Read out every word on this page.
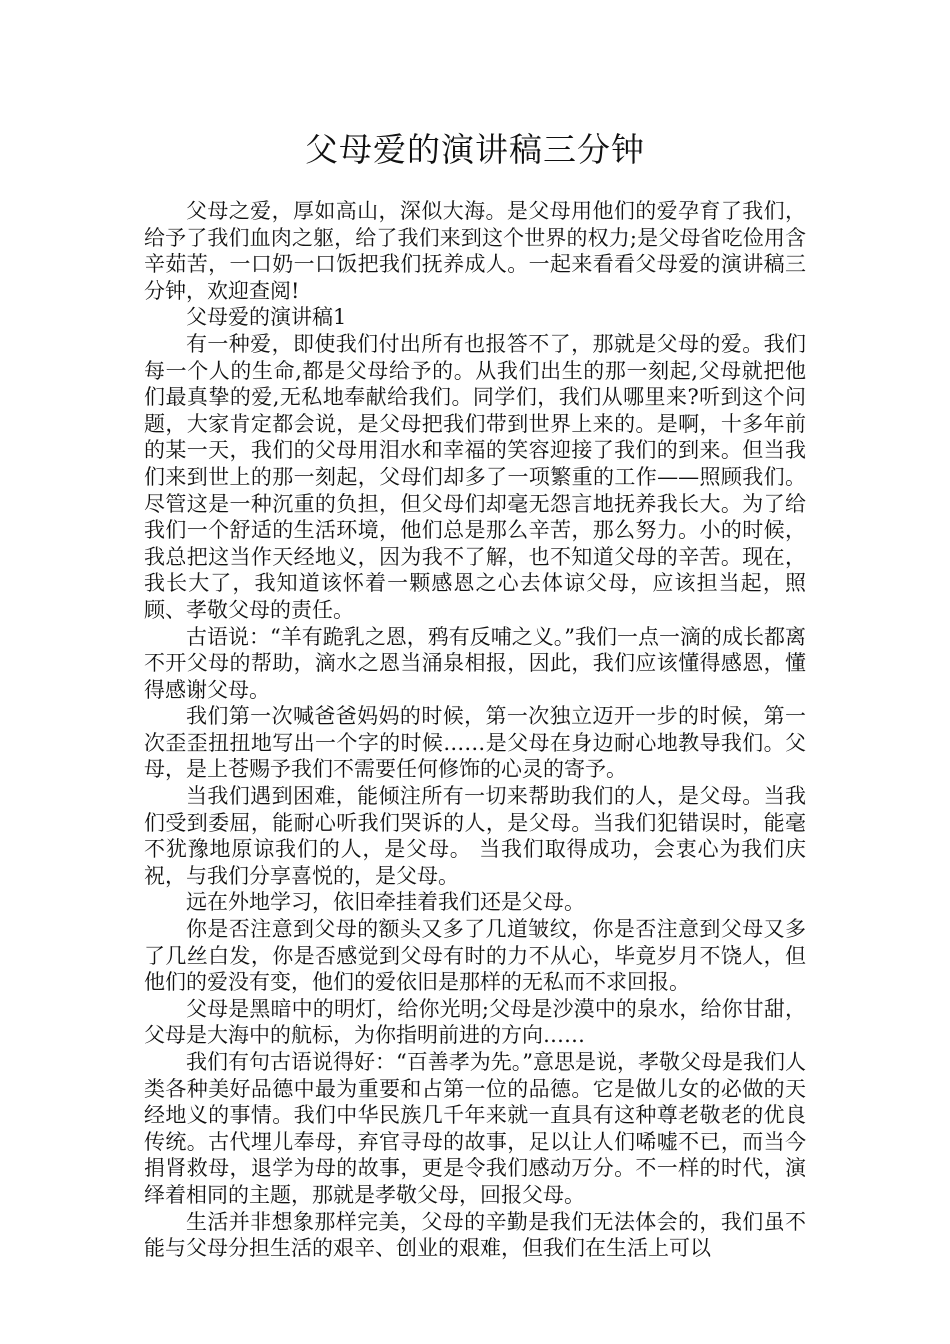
父母爱的演讲稿三分钟

父母之爱，厚如高山，深似大海。是父母用他们的爱孕育了我们，给予了我们血肉之躯，给了我们来到这个世界的权力;是父母省吃俭用含辛茹苦，一口奶一口饭把我们抚养成人。一起来看看父母爱的演讲稿三分钟，欢迎查阅!

父母爱的演讲稿1

有一种爱，即使我们付出所有也报答不了，那就是父母的爱。我们每一个人的生命,都是父母给予的。从我们出生的那一刻起,父母就把他们最真挚的爱,无私地奉献给我们。同学们，我们从哪里来?听到这个问题，大家肯定都会说，是父母把我们带到世界上来的。是啊，十多年前的某一天，我们的父母用泪水和幸福的笑容迎接了我们的到来。但当我们来到世上的那一刻起，父母们却多了一项繁重的工作——照顾我们。尽管这是一种沉重的负担，但父母们却毫无怨言地抚养我长大。为了给我们一个舒适的生活环境，他们总是那么辛苦，那么努力。小的时候，我总把这当作天经地义，因为我不了解，也不知道父母的辛苦。现在，我长大了，我知道该怀着一颗感恩之心去体谅父母，应该担当起，照顾、孝敬父母的责任。

古语说：“羊有跪乳之恩，鸦有反哺之义。”我们一点一滴的成长都离不开父母的帮助，滴水之恩当涌泉相报，因此，我们应该懂得感恩，懂得感谢父母。

我们第一次喊爸爸妈妈的时候，第一次独立迈开一步的时候，第一次歪歪扭扭地写出一个字的时候……是父母在身边耐心地教导我们。父母，是上苍赐予我们不需要任何修饰的心灵的寄予。

当我们遇到困难，能倾注所有一切来帮助我们的人，是父母。当我们受到委屈，能耐心听我们哭诉的人，是父母。当我们犯错误时，能毫不犹豫地原谅我们的人，是父母。 当我们取得成功，会衷心为我们庆祝，与我们分享喜悦的，是父母。

远在外地学习，依旧牵挂着我们还是父母。

你是否注意到父母的额头又多了几道皱纹，你是否注意到父母又多了几丝白发，你是否感觉到父母有时的力不从心，毕竟岁月不饶人，但他们的爱没有变，他们的爱依旧是那样的无私而不求回报。

父母是黑暗中的明灯，给你光明;父母是沙漠中的泉水，给你甘甜，父母是大海中的航标，为你指明前进的方向……

我们有句古语说得好：“百善孝为先。”意思是说，孝敬父母是我们人类各种美好品德中最为重要和占第一位的品德。它是做儿女的必做的天经地义的事情。我们中华民族几千年来就一直具有这种尊老敬老的优良传统。古代埋儿奉母，弃官寻母的故事，足以让人们唏嘘不已，而当今捐肾救母，退学为母的故事，更是令我们感动万分。不一样的时代，演绎着相同的主题，那就是孝敬父母，回报父母。

生活并非想象那样完美，父母的辛勤是我们无法体会的，我们虽不能与父母分担生活的艰辛、创业的艰难，但我们在生活上可以
